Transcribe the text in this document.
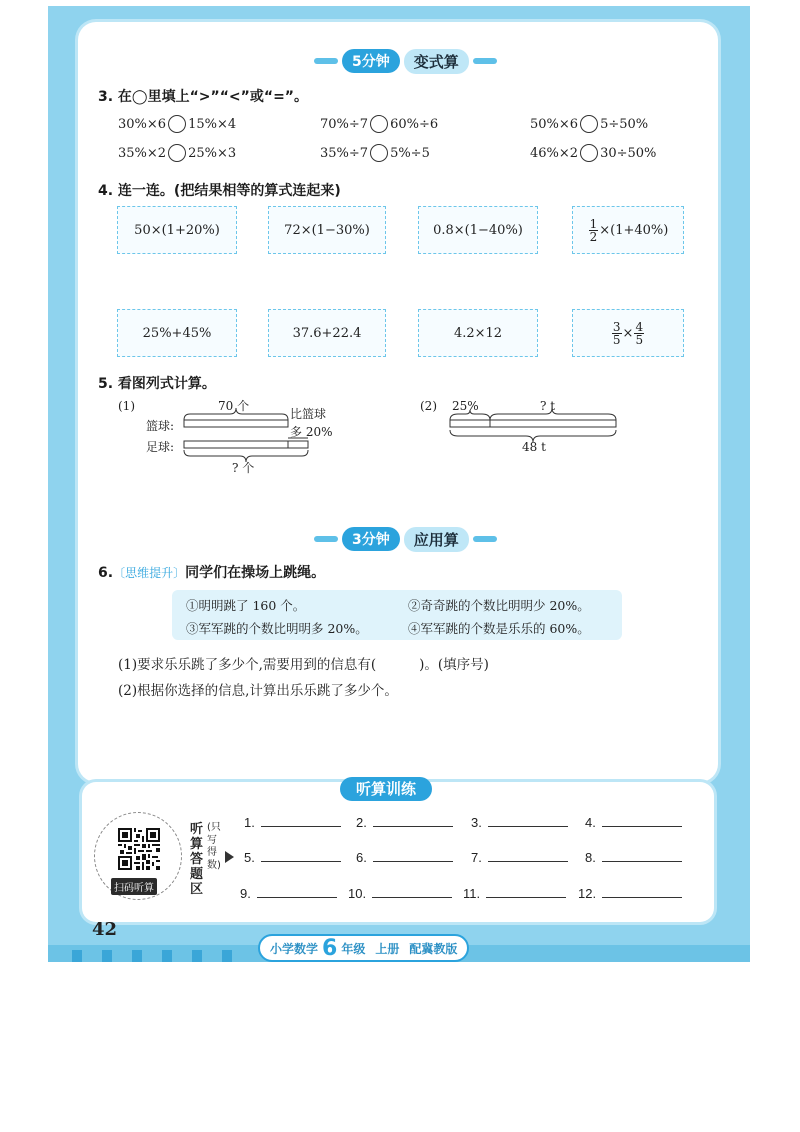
5分钟	变式算
3. 在◯里填上“>”“<”或“=”。
30%×6 15%×4	70%÷7 60%÷6	50%×6 5÷50%
35%×2 25%×3	35%÷7 5%÷5	46%×2 30÷50%
4. 连一连。(把结果相等的算式连起来)
50×(1+20%)	72×(1−30%)	0.8×(1−40%)	$\frac{1}{2} \times(1+40\%)$
25%+45%	37.6+22.4	4.2×12	$\frac{3}{5} \times \frac{4}{5}$
5. 看图列式计算。
(1)	70 个
篮球:
足球:
比篮球
多 20%
? 个
(2) 25%	? t
48 t
3分钟	应用算
6.〔思维提升〕同学们在操场上跳绳。
①明明跳了 160 个。	②奇奇跳的个数比明明少 20%。
③军军跳的个数比明明多 20%。	④军军跳的个数是乐乐的 60%。
(1)要求乐乐跳了多少个,需要用到的信息有(          )。(填序号)
(2)根据你选择的信息,计算出乐乐跳了多少个。
听算训练
扫码听算
听算答题区
(只写得数)
1.	2.	3.	4.
5.	6.	7.	8.
9.	10.	11.	12.
42
小学数学 6 年级 上册 配冀教版
